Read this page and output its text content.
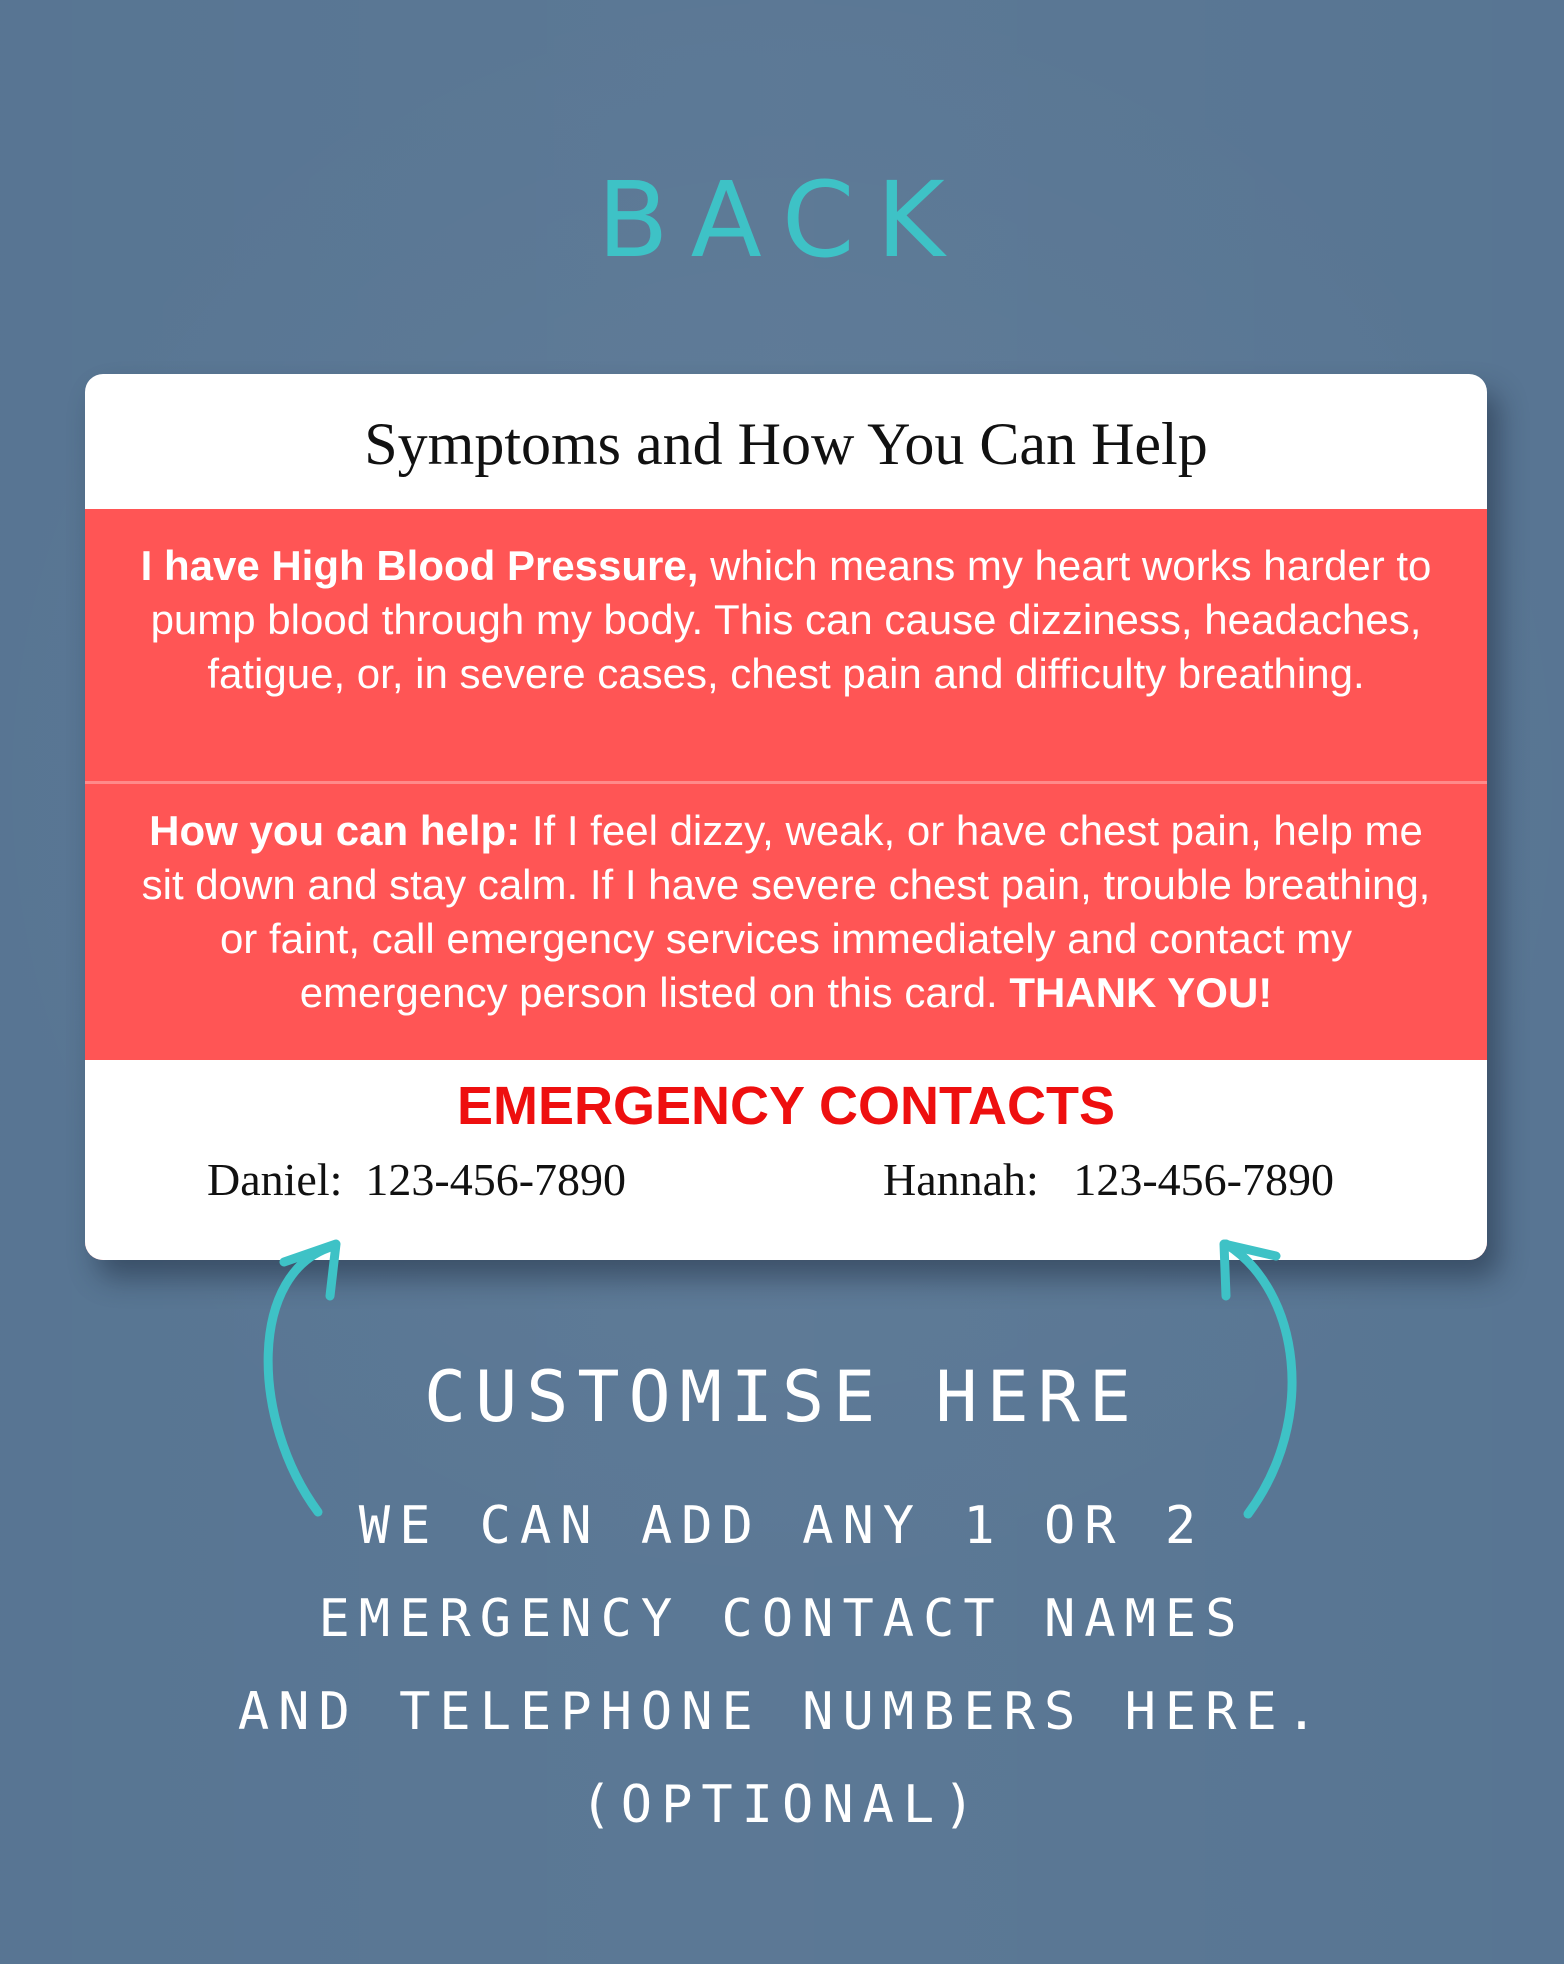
BACK
Symptoms and How You Can Help
I have High Blood Pressure, which means my heart works harder to pump blood through my body. This can cause dizziness, headaches, fatigue, or, in severe cases, chest pain and difficulty breathing.
How you can help: If I feel dizzy, weak, or have chest pain, help me sit down and stay calm. If I have severe chest pain, trouble breathing, or faint, call emergency services immediately and contact my emergency person listed on this card. THANK YOU!
EMERGENCY CONTACTS
Daniel:  123-456-7890	Hannah:   123-456-7890
CUSTOMISE HERE
WE CAN ADD ANY 1 OR 2
EMERGENCY CONTACT NAMES
AND TELEPHONE NUMBERS HERE.
(OPTIONAL)
